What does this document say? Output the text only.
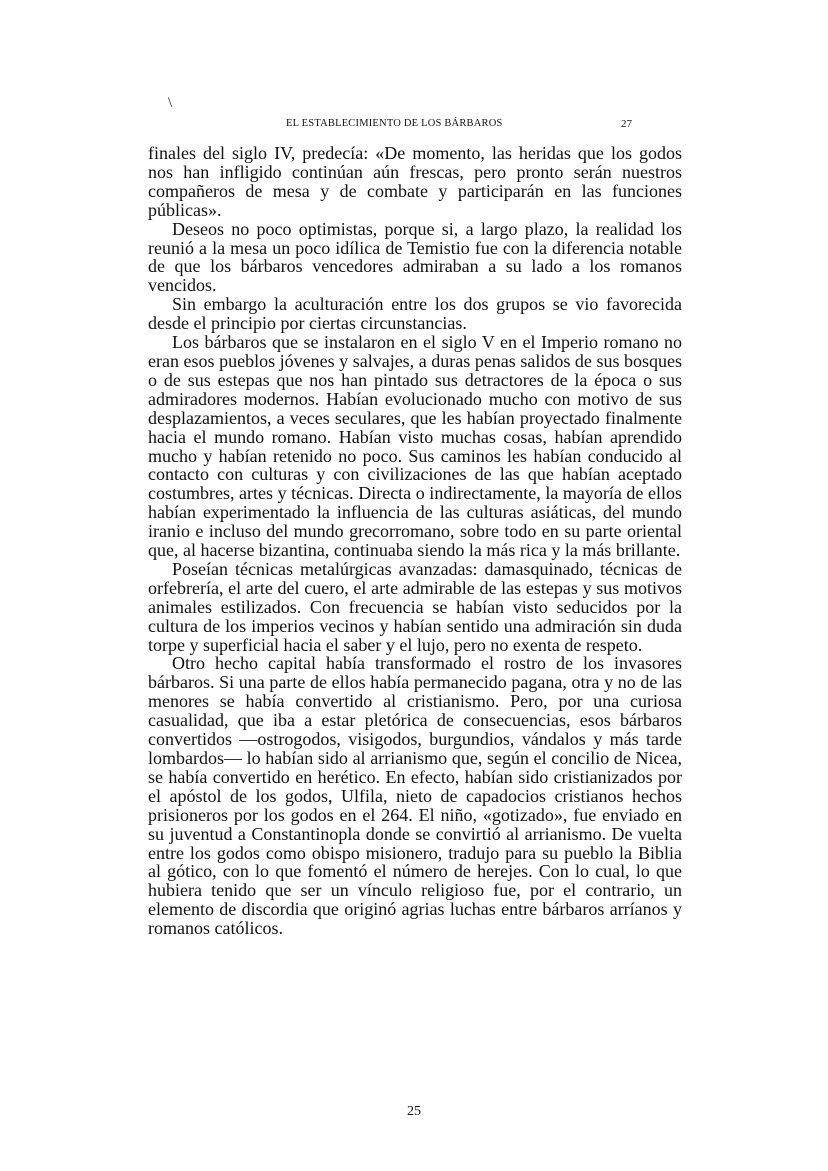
\
EL ESTABLECIMIENTO DE LOS BÁRBAROS	27

finales del siglo IV, predecía: «De momento, las heridas que los godos nos han infligido continúan aún frescas, pero pronto serán nuestros compañeros de mesa y de combate y participarán en las funciones públicas».

Deseos no poco optimistas, porque si, a largo plazo, la realidad los reunió a la mesa un poco idílica de Temistio fue con la diferencia notable de que los bárbaros vencedores admiraban a su lado a los romanos vencidos.

Sin embargo la aculturación entre los dos grupos se vio favorecida desde el principio por ciertas circunstancias.

Los bárbaros que se instalaron en el siglo V en el Imperio romano no eran esos pueblos jóvenes y salvajes, a duras penas salidos de sus bosques o de sus estepas que nos han pintado sus detractores de la época o sus admiradores modernos. Habían evolucionado mucho con motivo de sus desplazamientos, a veces seculares, que les habían proyectado finalmente hacia el mundo romano. Habían visto muchas cosas, habían aprendido mucho y habían retenido no poco. Sus caminos les habían conducido al contacto con culturas y con civilizaciones de las que habían aceptado costumbres, artes y técnicas. Directa o indirectamente, la mayoría de ellos habían experimentado la influencia de las culturas asiáticas, del mundo iranio e incluso del mundo grecorromano, sobre todo en su parte oriental que, al hacerse bizantina, continuaba siendo la más rica y la más brillante.

Poseían técnicas metalúrgicas avanzadas: damasquinado, técnicas de orfebrería, el arte del cuero, el arte admirable de las estepas y sus motivos animales estilizados. Con frecuencia se habían visto seducidos por la cultura de los imperios vecinos y habían sentido una admiración sin duda torpe y superficial hacia el saber y el lujo, pero no exenta de respeto.

Otro hecho capital había transformado el rostro de los invasores bárbaros. Si una parte de ellos había permanecido pagana, otra y no de las menores se había convertido al cristianismo. Pero, por una curiosa casualidad, que iba a estar pletórica de consecuencias, esos bárbaros convertidos —ostrogodos, visigodos, burgundios, vándalos y más tarde lombardos— lo habían sido al arrianismo que, según el concilio de Nicea, se había convertido en herético. En efecto, habían sido cristianizados por el apóstol de los godos, Ulfila, nieto de capadocios cristianos hechos prisioneros por los godos en el 264. El niño, «gotizado», fue enviado en su juventud a Constantinopla donde se convirtió al arrianismo. De vuelta entre los godos como obispo misionero, tradujo para su pueblo la Biblia al gótico, con lo que fomentó el número de herejes. Con lo cual, lo que hubiera tenido que ser un vínculo religioso fue, por el contrario, un elemento de discordia que originó agrias luchas entre bárbaros arríanos y romanos católicos.

25
